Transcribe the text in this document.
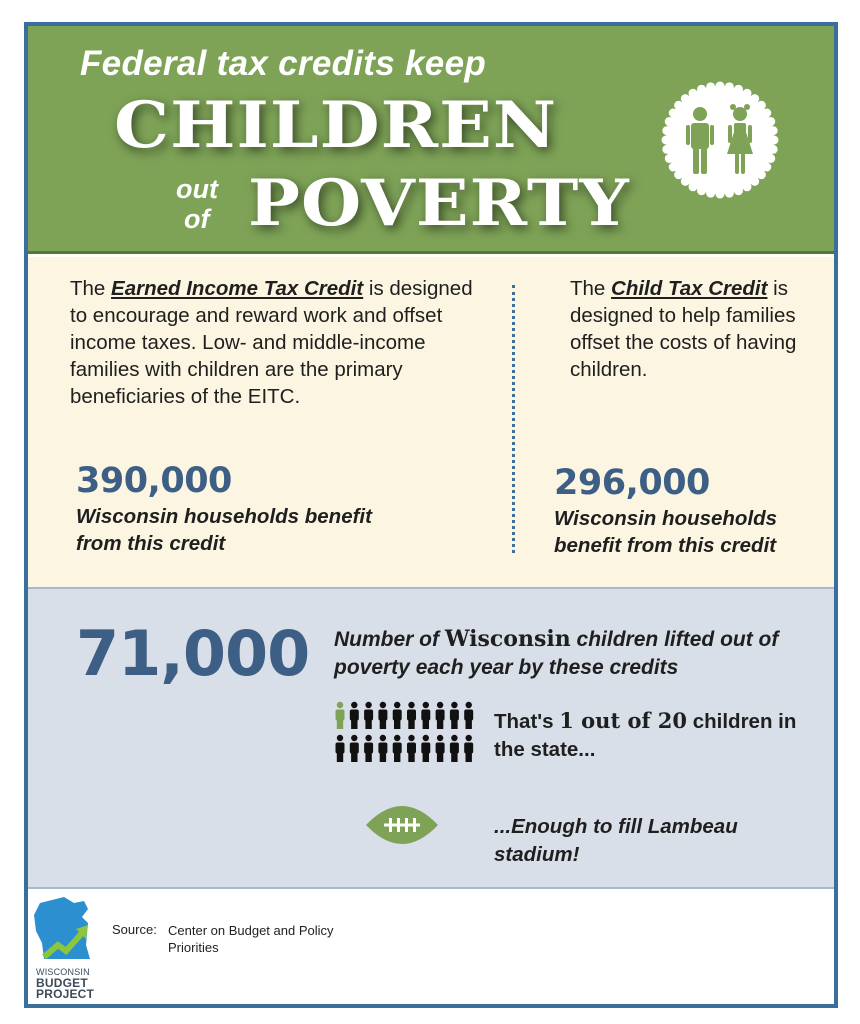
Federal tax credits keep
CHILDREN
out
of POVERTY

The Earned Income Tax Credit is designed to encourage and reward work and offset income taxes. Low- and middle-income families with children are the primary beneficiaries of the EITC.

390,000
Wisconsin households benefit from this credit

The Child Tax Credit is designed to help families offset the costs of having children.

296,000
Wisconsin households benefit from this credit
71,000 Number of Wisconsin children lifted out of poverty each year by these credits
That's 1 out of 20 children in the state...
...Enough to fill Lambeau stadium!
WISCONSIN
BUDGET
PROJECT
Source: Center on Budget and Policy Priorities
